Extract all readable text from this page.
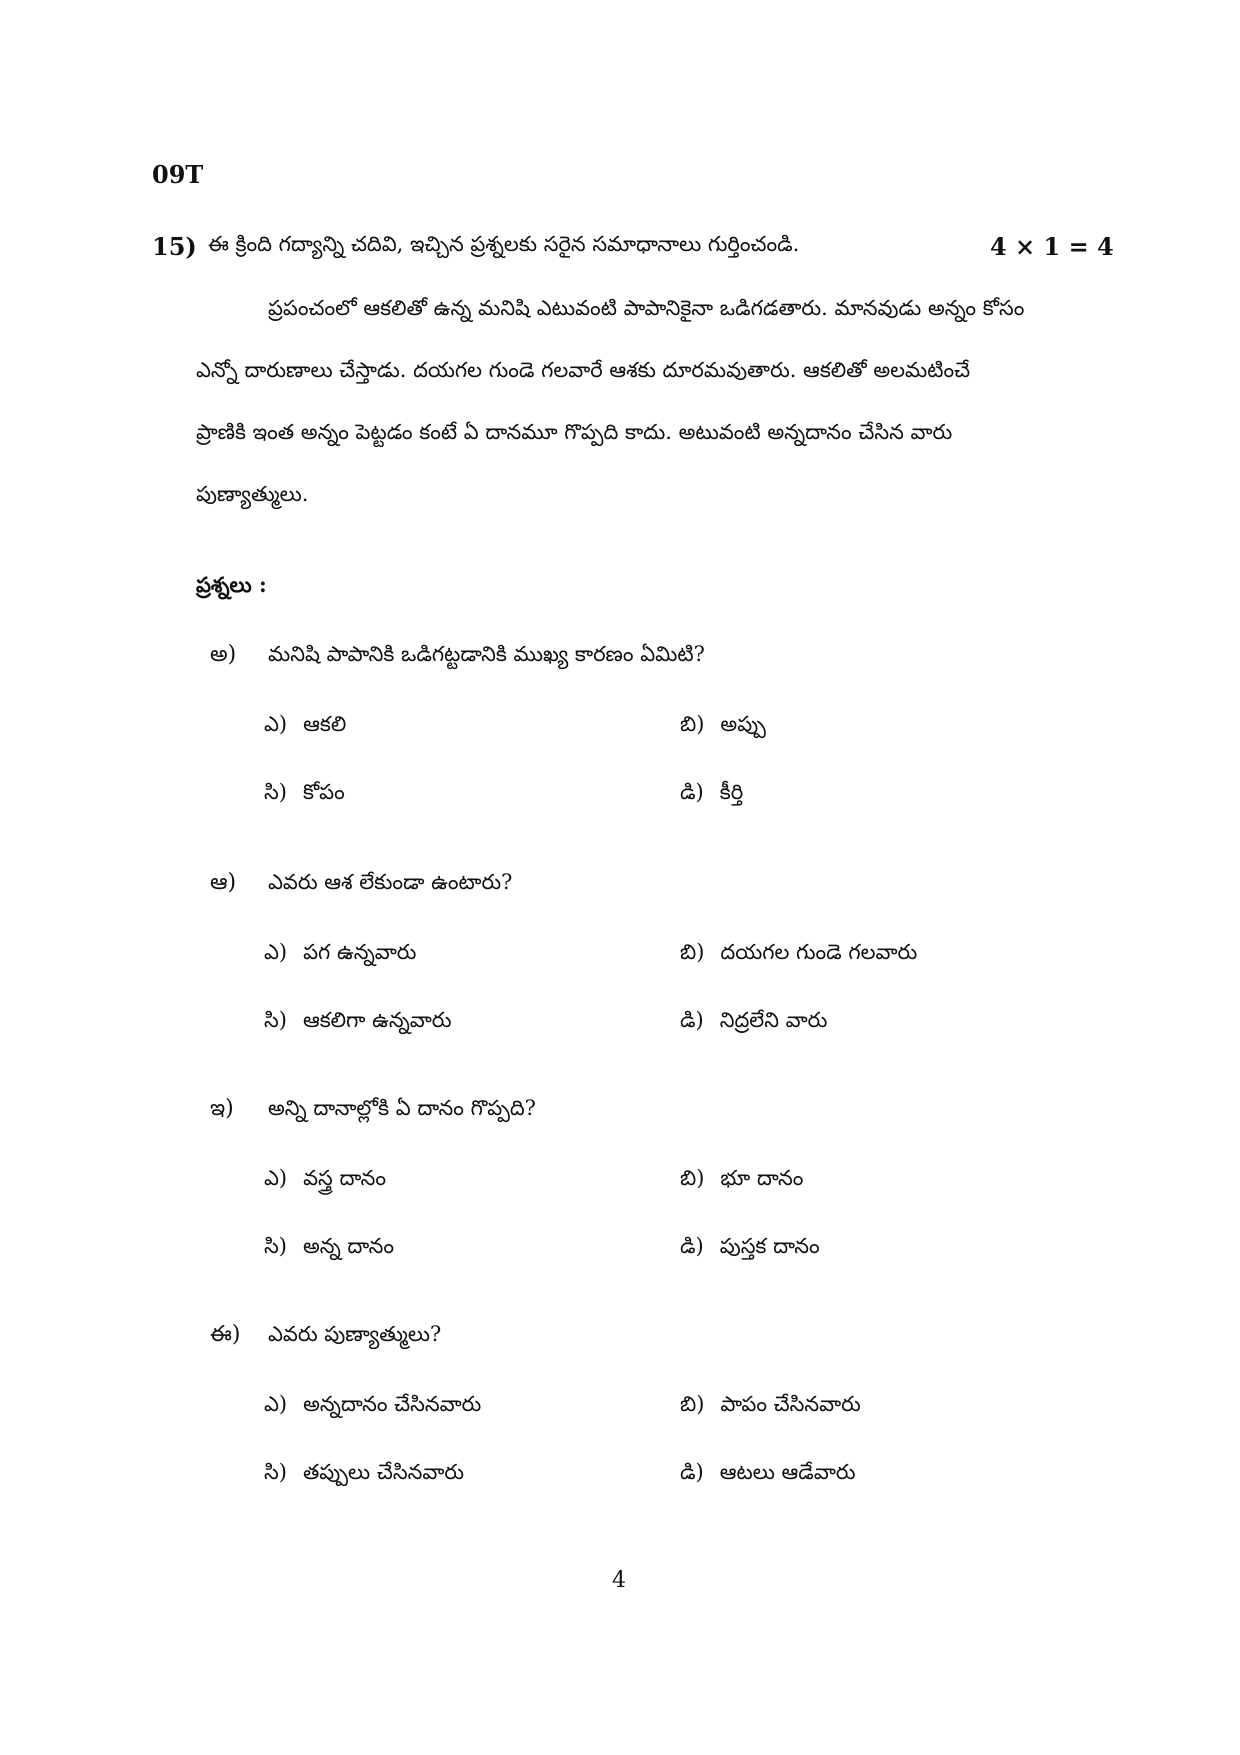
09T
15) ఈ క్రింది గద్యాన్ని చదివి, ఇచ్చిన ప్రశ్నలకు సరైన సమాధానాలు గుర్తించండి.	4 × 1 = 4
ప్రపంచంలో ఆకలితో ఉన్న మనిషి ఎటువంటి పాపానికైనా ఒడిగడతారు. మానవుడు అన్నం కోసం
ఎన్నో దారుణాలు చేస్తాడు. దయగల గుండె గలవారే ఆశకు దూరమవుతారు. ఆకలితో అలమటించే
ప్రాణికి ఇంత అన్నం పెట్టడం కంటే ఏ దానమూ గొప్పది కాదు. అటువంటి అన్నదానం చేసిన వారు
పుణ్యాత్ములు.
ప్రశ్నలు :
అ) మనిషి పాపానికి ఒడిగట్టడానికి ముఖ్య కారణం ఏమిటి?
ఎ) ఆకలి	బి) అప్పు
సి) కోపం	డి) కీర్తి
ఆ) ఎవరు ఆశ లేకుండా ఉంటారు?
ఎ) పగ ఉన్నవారు	బి) దయగల గుండె గలవారు
సి) ఆకలిగా ఉన్నవారు	డి) నిద్రలేని వారు
ఇ) అన్ని దానాల్లోకి ఏ దానం గొప్పది?
ఎ) వస్త్ర దానం	బి) భూ దానం
సి) అన్న దానం	డి) పుస్తక దానం
ఈ) ఎవరు పుణ్యాత్ములు?
ఎ) అన్నదానం చేసినవారు	బి) పాపం చేసినవారు
సి) తప్పులు చేసినవారు	డి) ఆటలు ఆడేవారు
4
